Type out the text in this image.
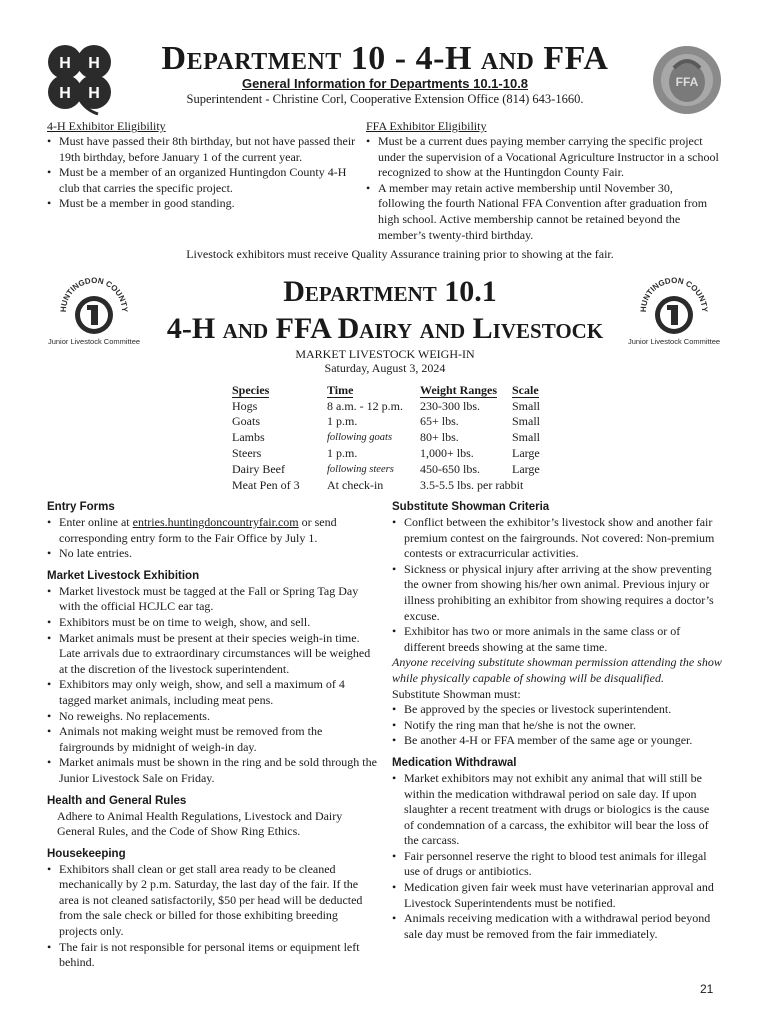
H H
H H
FFA
Department 10 - 4-H and FFA
General Information for Departments 10.1-10.8
Superintendent - Christine Corl, Cooperative Extension Office (814) 643-1660.
4-H Exhibitor Eligibility
• Must have passed their 8th birthday, but not have passed their 19th birthday, before January 1 of the current year.
• Must be a member of an organized Huntingdon County 4-H club that carries the specific project.
• Must be a member in good standing.
FFA Exhibitor Eligibility
• Must be a current dues paying member carrying the specific project under the supervision of a Vocational Agriculture Instructor in a school recognized to show at the Huntingdon County Fair.
• A member may retain active membership until November 30, following the fourth National FFA Convention after graduation from high school. Active membership cannot be retained beyond the member’s twenty-third birthday.
Livestock exhibitors must receive Quality Assurance training prior to showing at the fair.
HUNTINGDON COUNTY
Junior Livestock Committee
HUNTINGDON COUNTY
Junior Livestock Committee
Department 10.1
4-H and FFA Dairy and Livestock
MARKET LIVESTOCK WEIGH-IN
Saturday, August 3, 2024
Species	Time	Weight Ranges	Scale
Hogs	8 a.m. - 12 p.m.	230-300 lbs.	Small
Goats	1 p.m.	65+ lbs.	Small
Lambs	following goats	80+ lbs.	Small
Steers	1 p.m.	1,000+ lbs.	Large
Dairy Beef	following steers	450-650 lbs.	Large
Meat Pen of 3	At check-in	3.5-5.5 lbs. per rabbit	
Entry Forms
• Enter online at entries.huntingdoncountryfair.com or send corresponding entry form to the Fair Office by July 1.
• No late entries.
Market Livestock Exhibition
• Market livestock must be tagged at the Fall or Spring Tag Day with the official HCJLC ear tag.
• Exhibitors must be on time to weigh, show, and sell.
• Market animals must be present at their species weigh-in time. Late arrivals due to extraordinary circumstances will be weighed at the discretion of the livestock superintendent.
• Exhibitors may only weigh, show, and sell a maximum of 4 tagged market animals, including meat pens.
• No reweighs. No replacements.
• Animals not making weight must be removed from the fairgrounds by midnight of weigh-in day.
• Market animals must be shown in the ring and be sold through the Junior Livestock Sale on Friday.
Health and General Rules

Adhere to Animal Health Regulations, Livestock and Dairy General Rules, and the Code of Show Ring Ethics.

Housekeeping
• Exhibitors shall clean or get stall area ready to be cleaned mechanically by 2 p.m. Saturday, the last day of the fair. If the area is not cleaned satisfactorily, $50 per head will be deducted from the sale check or billed for those exhibiting breeding projects only.
• The fair is not responsible for personal items or equipment left behind.
Substitute Showman Criteria
• Conflict between the exhibitor’s livestock show and another fair premium contest on the fairgrounds. Not covered: Non-premium contests or extracurricular activities.
• Sickness or physical injury after arriving at the show preventing the owner from showing his/her own animal. Previous injury or illness prohibiting an exhibitor from showing requires a doctor’s excuse.
• Exhibitor has two or more animals in the same class or of different breeds showing at the same time.

Anyone receiving substitute showman permission attending the show while physically capable of showing will be disqualified.

Substitute Showman must:

• Be approved by the species or livestock superintendent.
• Notify the ring man that he/she is not the owner.
• Be another 4-H or FFA member of the same age or younger.
Medication Withdrawal
• Market exhibitors may not exhibit any animal that will still be within the medication withdrawal period on sale day. If upon slaughter a recent treatment with drugs or biologics is the cause of condemnation of a carcass, the exhibitor will bear the loss of the carcass.
• Fair personnel reserve the right to blood test animals for illegal use of drugs or antibiotics.
• Medication given fair week must have veterinarian approval and Livestock Superintendents must be notified.
• Animals receiving medication with a withdrawal period beyond sale day must be removed from the fair immediately.
21
